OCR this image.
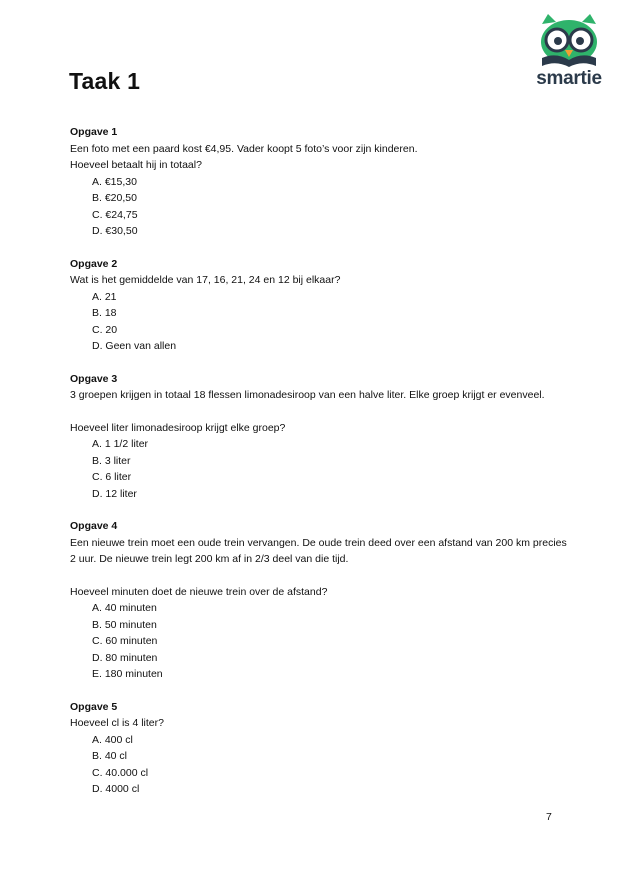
Taak 1	smartie
Opgave 1

Een foto met een paard kost €4,95. Vader koopt 5 foto’s voor zijn kinderen.

Hoeveel betaalt hij in totaal?

A. €15,30
B. €20,50
C. €24,75
D. €30,50
Opgave 2

Wat is het gemiddelde van 17, 16, 21, 24 en 12 bij elkaar?

A. 21
B. 18
C. 20
D. Geen van allen
Opgave 3

3 groepen krijgen in totaal 18 flessen limonadesiroop van een halve liter. Elke groep krijgt er evenveel.

Hoeveel liter limonadesiroop krijgt elke groep?

A. 1 1/2 liter
B. 3 liter
C. 6 liter
D. 12 liter
Opgave 4

Een nieuwe trein moet een oude trein vervangen. De oude trein deed over een afstand van 200 km precies 2 uur. De nieuwe trein legt 200 km af in 2/3 deel van die tijd.

Hoeveel minuten doet de nieuwe trein over de afstand?

A. 40 minuten
B. 50 minuten
C. 60 minuten
D. 80 minuten
E. 180 minuten
Opgave 5

Hoeveel cl is 4 liter?

A. 400 cl
B. 40 cl
C. 40.000 cl
D. 4000 cl
7
